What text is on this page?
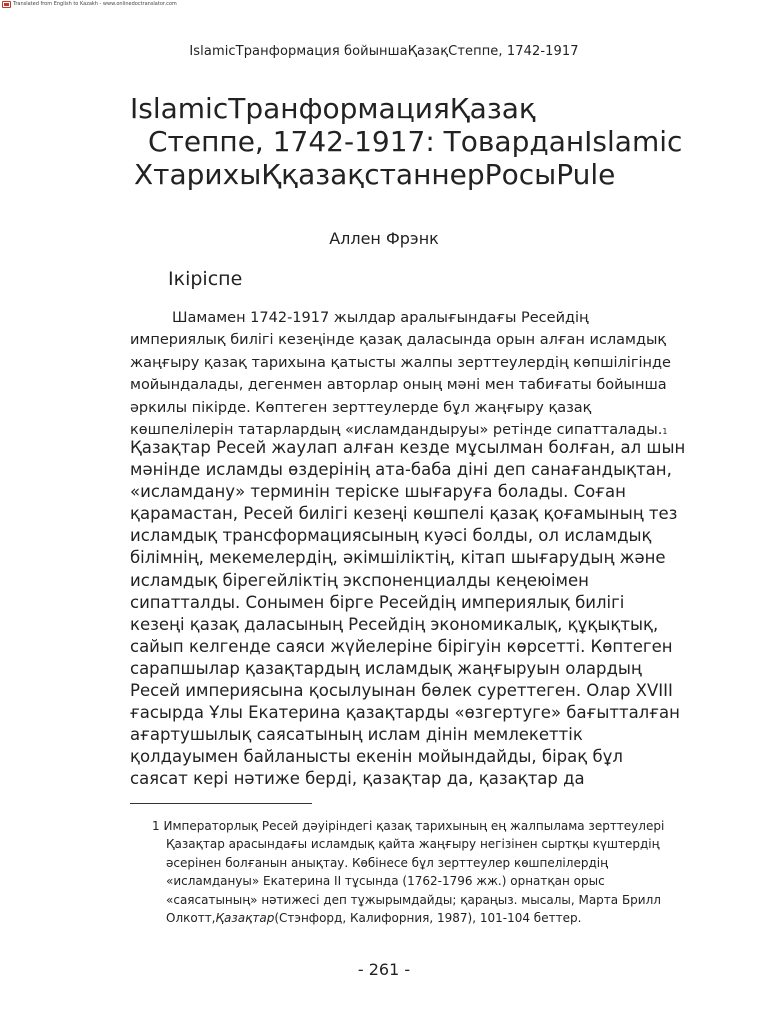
Translated from English to Kazakh - www.onlinedoctranslator.com
IslamicТранформация бойыншаҚазақСтеппе, 1742-1917
IslamicТранформацияҚазақ
Степпе, 1742-1917: ТоварданIslamic
ХтарихыҚқазақстаннерРосыPule
Аллен Фрэнк
Ікіріспе
Шамамен 1742-1917 жылдар аралығындағы Ресейдің
империялық билігі кезеңінде қазақ даласында орын алған исламдық
жаңғыру қазақ тарихына қатысты жалпы зерттеулердің көпшілігінде
мойындалады, дегенмен авторлар оның мәні мен табиғаты бойынша
әркилы пікірде. Көптеген зерттеулерде бұл жаңғыру қазақ
көшпелілерін татарлардың «исламдандыруы» ретінде сипатталады.1
Қазақтар Ресей жаулап алған кезде мұсылман болған, ал шын
мәнінде исламды өздерінің ата-баба діні деп санағандықтан,
«исламдану» терминін теріске шығаруға болады. Соған
қарамастан, Ресей билігі кезеңі көшпелі қазақ қоғамының тез
исламдық трансформациясының куәсі болды, ол исламдық
білімнің, мекемелердің, әкімшіліктің, кітап шығарудың және
исламдық бірегейліктің экспоненциалды кеңеюімен
сипатталды. Сонымен бірге Ресейдің империялық билігі
кезеңі қазақ даласының Ресейдің экономикалық, құқықтық,
сайып келгенде саяси жүйелеріне бірігуін көрсетті. Көптеген
сарапшылар қазақтардың исламдық жаңғыруын олардың
Ресей империясына қосылуынан бөлек суреттеген. Олар XVIII
ғасырда Ұлы Екатерина қазақтарды «өзгертуге» бағытталған
ағартушылық саясатының ислам дінін мемлекеттік
қолдауымен байланысты екенін мойындайды, бірақ бұл
саясат кері нәтиже берді, қазақтар да, қазақтар да
1 Императорлық Ресей дәуіріндегі қазақ тарихының ең жалпылама зерттеулері
Қазақтар арасындағы исламдық қайта жаңғыру негізінен сыртқы күштердің
әсерінен болғанын анықтау. Көбінесе бұл зерттеулер көшпелілердің
«исламдануы» Екатерина II тұсында (1762-1796 жж.) орнатқан орыс
«саясатының» нәтижесі деп тұжырымдайды; қараңыз. мысалы, Марта Брилл
Олкотт,Қазақтар(Стэнфорд, Калифорния, 1987), 101-104 беттер.
- 261 -
